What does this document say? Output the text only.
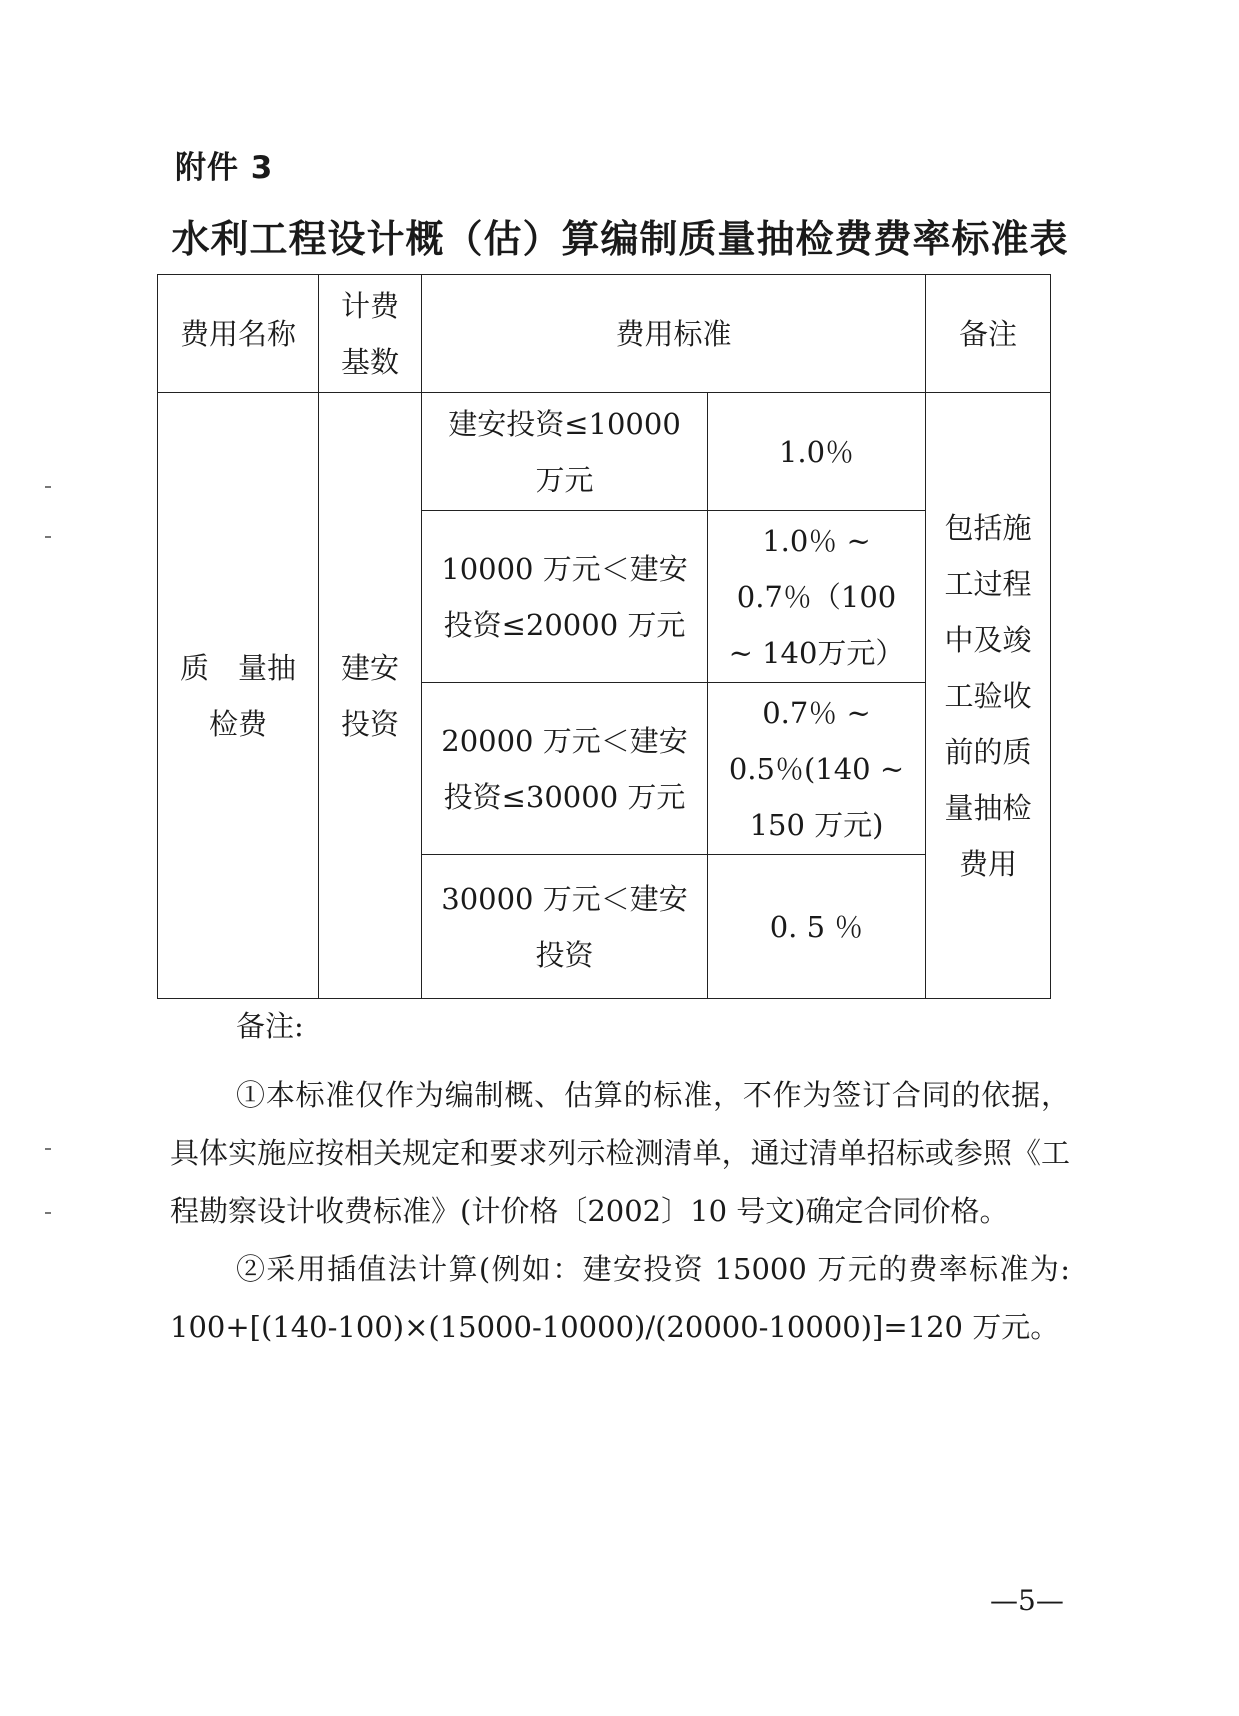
附件 3
水利工程设计概（估）算编制质量抽检费费率标准表
费用名称	计费基数	费用标准		备注
质　量抽检费	建安投资	建安投资≤10000万元	1.0％	包括施工过程中及竣工验收前的质量抽检费用
		10000 万元＜建安投资≤20000 万元	1.0％ ~ 0.7％（100 ~ 140万元）	
		20000 万元＜建安投资≤30000 万元	0.7％ ~ 0.5％(140 ~ 150 万元)	
		30000 万元＜建安投资	0. 5 ％	
备注:

①本标准仅作为编制概、估算的标准，不作为签订合同的依据，具体实施应按相关规定和要求列示检测清单，通过清单招标或参照《工程勘察设计收费标准》(计价格〔2002〕10 号文)确定合同价格。

②采用插值法计算(例如：建安投资 15000 万元的费率标准为: 100+[(140-100)×(15000-10000)/(20000-10000)]=120 万元。

—5—
